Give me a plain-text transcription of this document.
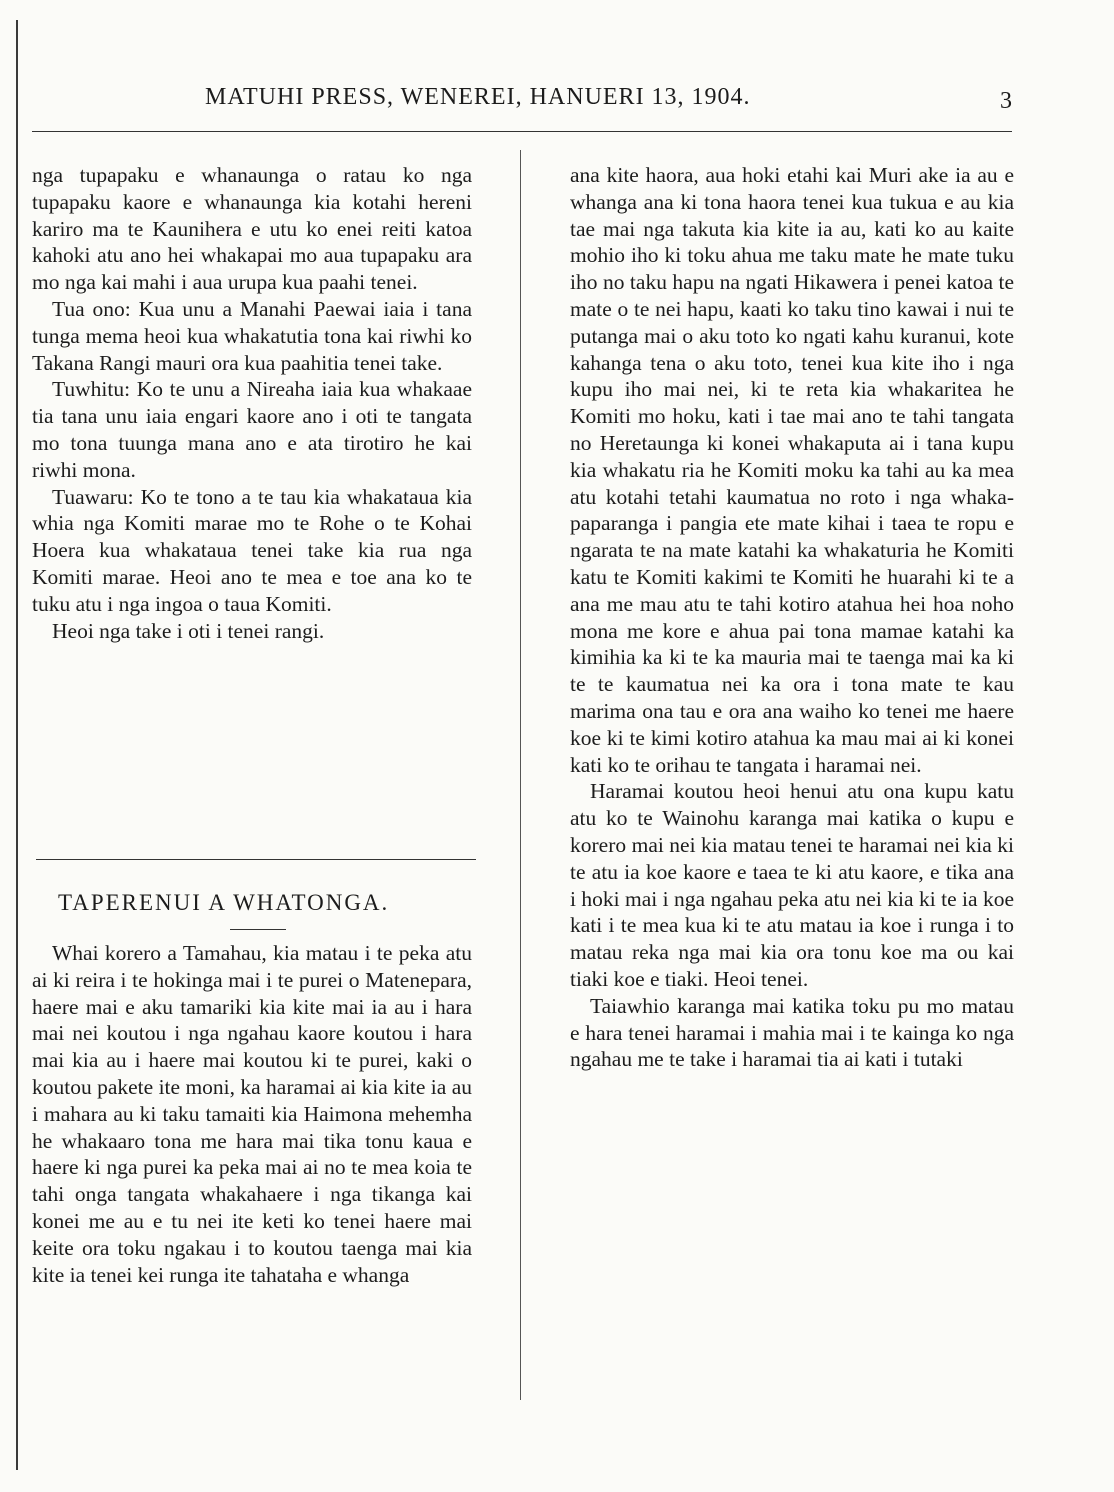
MATUHI PRESS, WENEREI, HANUERI 13, 1904.	3

nga tupapaku e whanaunga o ratau ko nga tupapaku kaore e whanaunga kia kotahi hereni kariro ma te Kaunihera e utu ko enei reiti katoa kahoki atu ano hei whakapai mo aua tupapaku ara mo nga kai mahi i aua urupa kua paahi tenei.

Tua ono: Kua unu a Manahi Paewai iaia i tana tunga mema heoi kua whakatutia tona kai riwhi ko Takana Rangi mauri ora kua paahitia tenei take.

Tuwhitu: Ko te unu a Nireaha iaia kua whakaae tia tana unu iaia engari kaore ano i oti te tangata mo tona tuunga mana ano e ata tirotiro he kai riwhi mona.

Tuawaru: Ko te tono a te tau kia whakataua kia whia nga Komiti marae mo te Rohe o te Kohai Hoera kua whakataua tenei take kia rua nga Komiti marae. Heoi ano te mea e toe ana ko te tuku atu i nga ingoa o taua Komiti.

Heoi nga take i oti i tenei rangi.

TAPERENUI A WHATONGA.

Whai korero a Tamahau, kia matau i te peka atu ai ki reira i te hokinga mai i te purei o Matenepara, haere mai e aku tamariki kia kite mai ia au i hara mai nei koutou i nga ngahau kaore koutou i hara mai kia au i haere mai koutou ki te purei, kaki o koutou pakete ite moni, ka haramai ai kia kite ia au i mahara au ki taku tamaiti kia Haimona mehemha he whakaaro tona me hara mai tika tonu kaua e haere ki nga purei ka peka mai ai no te mea koia te tahi onga tangata whakahaere i nga tikanga kai konei me au e tu nei ite keti ko tenei haere mai keite ora toku ngakau i to koutou taenga mai kia kite ia tenei kei runga ite tahataha e whanga

ana kite haora, aua hoki etahi kai Muri ake ia au e whanga ana ki tona haora tenei kua tukua e au kia tae mai nga takuta kia kite ia au, kati ko au kaite mohio iho ki toku ahua me taku mate he mate tuku iho no taku hapu na ngati Hikawera i penei katoa te mate o te nei hapu, kaati ko taku tino kawai i nui te putanga mai o aku toto ko ngati kahu kuranui, kote kahanga tena o aku toto, tenei kua kite iho i nga kupu iho mai nei, ki te reta kia whakaritea he Komiti mo hoku, kati i tae mai ano te tahi tangata no Heretaunga ki konei whakaputa ai i tana kupu kia whakatu ria he Komiti moku ka tahi au ka mea atu kotahi tetahi kaumatua no roto i nga whaka-paparanga i pangia ete mate kihai i taea te ropu e ngarata te na mate katahi ka whakaturia he Komiti katu te Komiti kakimi te Komiti he huarahi ki te a ana me mau atu te tahi kotiro atahua hei hoa noho mona me kore e ahua pai tona mamae katahi ka kimihia ka ki te ka mauria mai te taenga mai ka ki te te kaumatua nei ka ora i tona mate te kau marima ona tau e ora ana waiho ko tenei me haere koe ki te kimi kotiro atahua ka mau mai ai ki konei kati ko te orihau te tangata i haramai nei.

Haramai koutou heoi henui atu ona kupu katu atu ko te Wainohu karanga mai katika o kupu e korero mai nei kia matau tenei te haramai nei kia ki te atu ia koe kaore e taea te ki atu kaore, e tika ana i hoki mai i nga ngahau peka atu nei kia ki te ia koe kati i te mea kua ki te atu matau ia koe i runga i to matau reka nga mai kia ora tonu koe ma ou kai tiaki koe e tiaki. Heoi tenei.

Taiawhio karanga mai katika toku pu mo matau e hara tenei haramai i mahia mai i te kainga ko nga ngahau me te take i haramai tia ai kati i tutaki
